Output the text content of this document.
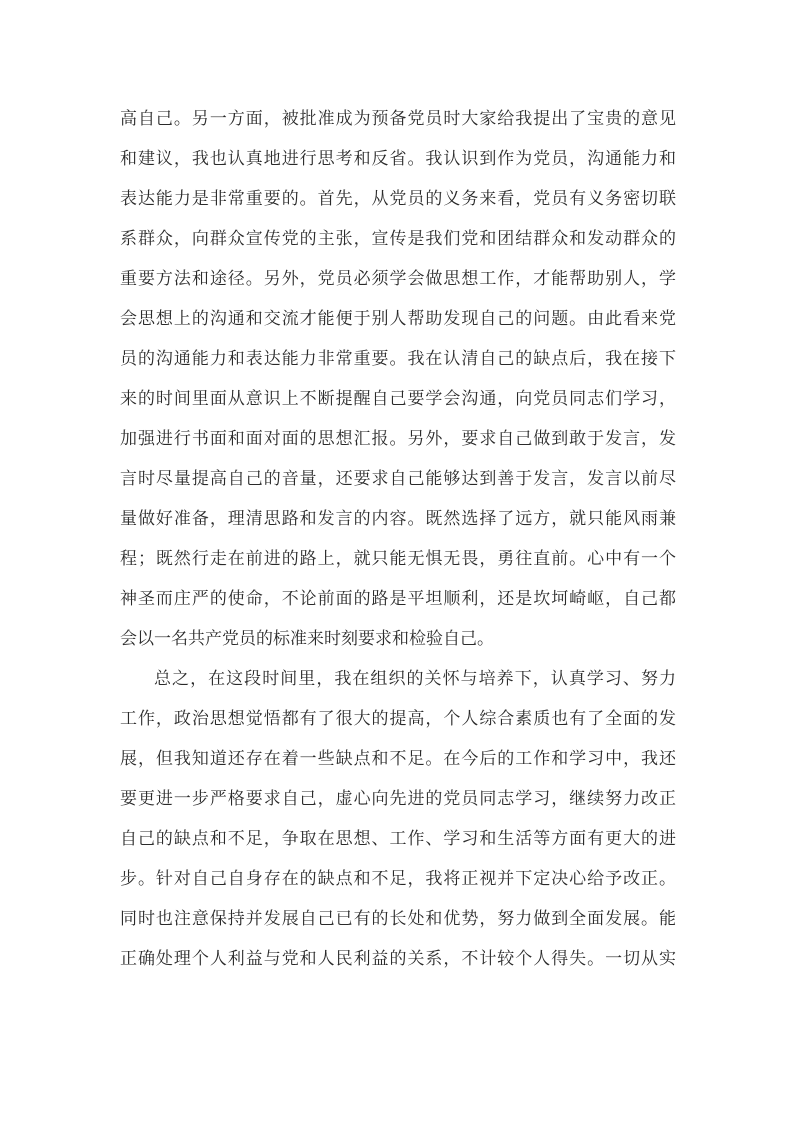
高自己。另一方面，被批准成为预备党员时大家给我提出了宝贵的意见
和建议，我也认真地进行思考和反省。我认识到作为党员，沟通能力和
表达能力是非常重要的。首先，从党员的义务来看，党员有义务密切联
系群众，向群众宣传党的主张，宣传是我们党和团结群众和发动群众的
重要方法和途径。另外，党员必须学会做思想工作，才能帮助别人，学
会思想上的沟通和交流才能便于别人帮助发现自己的问题。由此看来党
员的沟通能力和表达能力非常重要。我在认清自己的缺点后，我在接下
来的时间里面从意识上不断提醒自己要学会沟通，向党员同志们学习，
加强进行书面和面对面的思想汇报。另外，要求自己做到敢于发言，发
言时尽量提高自己的音量，还要求自己能够达到善于发言，发言以前尽
量做好准备，理清思路和发言的内容。既然选择了远方，就只能风雨兼
程；既然行走在前进的路上，就只能无惧无畏，勇往直前。心中有一个
神圣而庄严的使命，不论前面的路是平坦顺利，还是坎坷崎岖，自己都
会以一名共产党员的标准来时刻要求和检验自己。
总之，在这段时间里，我在组织的关怀与培养下，认真学习、努力
工作，政治思想觉悟都有了很大的提高，个人综合素质也有了全面的发
展，但我知道还存在着一些缺点和不足。在今后的工作和学习中，我还
要更进一步严格要求自己，虚心向先进的党员同志学习，继续努力改正
自己的缺点和不足，争取在思想、工作、学习和生活等方面有更大的进
步。针对自己自身存在的缺点和不足，我将正视并下定决心给予改正。
同时也注意保持并发展自己已有的长处和优势，努力做到全面发展。能
正确处理个人利益与党和人民利益的关系，不计较个人得失。一切从实
